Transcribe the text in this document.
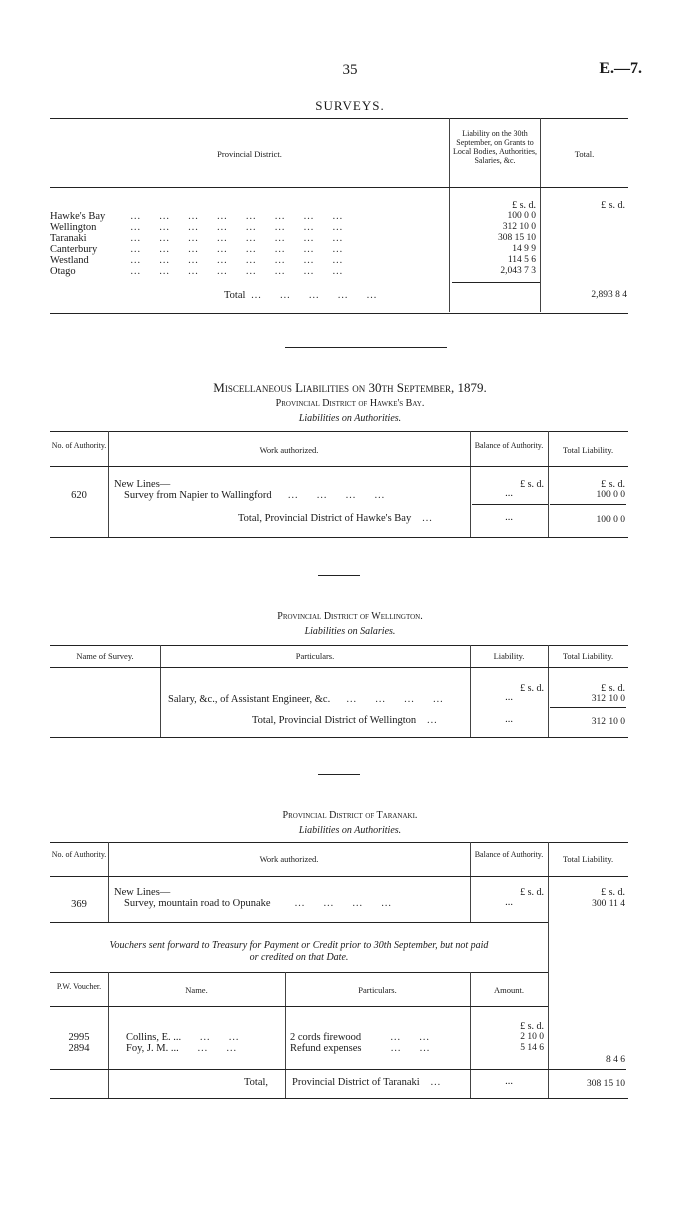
35	E.—7.
SURVEYS.
Provincial District.
Liability on the 30th September, on Grants to Local Bodies, Authorities, Salaries, &c.
Total.
£ s. d.	£ s. d.
Hawke's Bay …       …       …       …       …       …       …       …	100 0 0
Wellington	…       …       …       …       …       …       …       …	312 10 0
Taranaki	…       …       …       …       …       …       …       …	308 15 10
Canterbury	…       …       …       …       …       …       …       …	14 9 9
Westland	…       …       …       …       …       …       …       …	114 5 6
Otago	…       …       …       …       …       …       …       …	2,043 7 3
Total  …       …       …       …       …	2,893 8 4
Miscellaneous Liabilities on 30th September, 1879.
Provincial District of Hawke's Bay.
Liabilities on Authorities.
No. of Authority.	Work authorized.	Balance of Authority.	Total Liability.
New Lines—	£ s. d.	£ s. d.
620	Survey from Napier to Wallingford      …       …       …       …	...	100 0 0
Total, Provincial District of Hawke's Bay    …	...	100 0 0
Provincial District of Wellington.
Liabilities on Salaries.
Name of Survey.	Particulars.	Liability.	Total Liability.
£ s. d.	£ s. d.
Salary, &c., of Assistant Engineer, &c.      …       …       …       …	...	312 10 0
Total, Provincial District of Wellington    …	...	312 10 0
Provincial District of Taranaki.
Liabilities on Authorities.
No. of Authority.	Work authorized.	Balance of Authority.	Total Liability.
New Lines—	£ s. d.	£ s. d.
369	Survey, mountain road to Opunake         …       …       …       …	...	300 11 4
Vouchers sent forward to Treasury for Payment or Credit prior to 30th September, but not paid
or credited on that Date.
P.W. Voucher.	Name.	Particulars.	Amount.
£ s. d.
2995	Collins, E. ...       …       …	2 cords firewood           …       …	2 10 0
2894	Foy, J. M. ...       …       …	Refund expenses           …       …	5 14 6
8 4 6
Total, Provincial District of Taranaki    …	...	308 15 10
